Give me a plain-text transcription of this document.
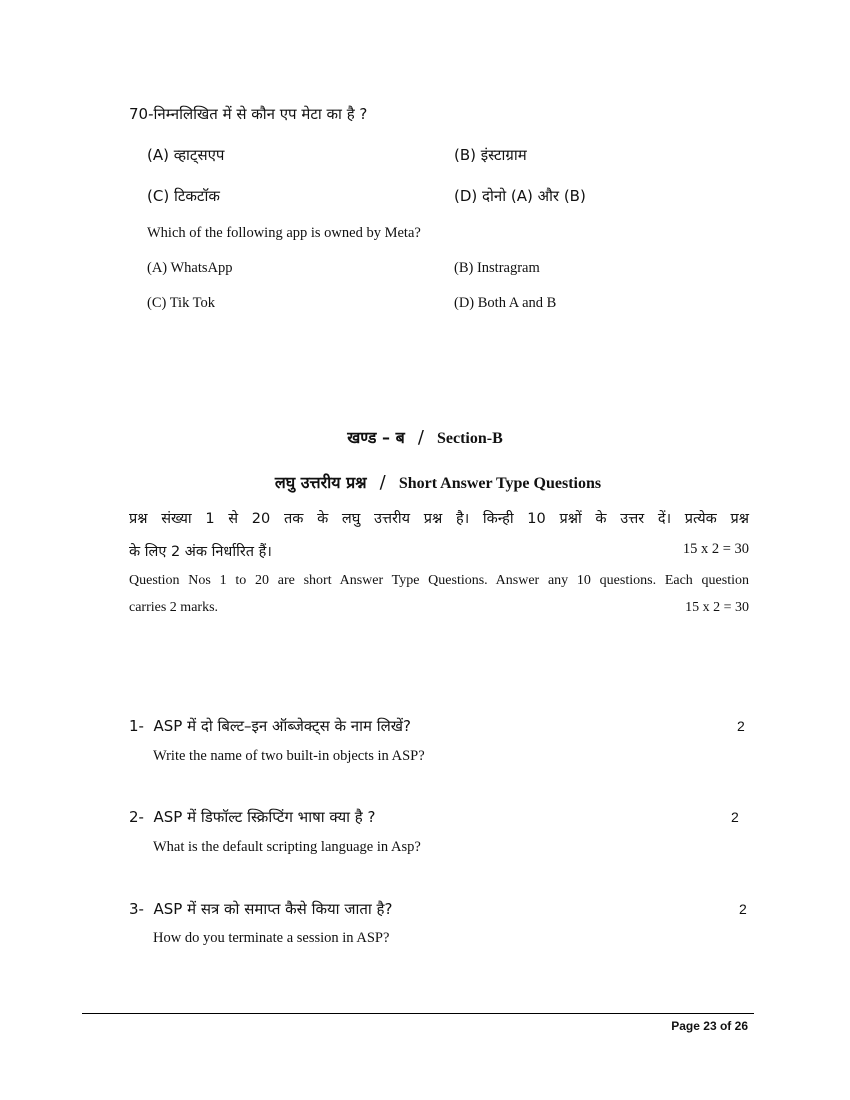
70-निम्नलिखित में से कौन एप मेटा का है ?
(A) व्हाट्सएप	(B) इंस्टाग्राम
(C) टिकटॉक	(D) दोनो (A) और (B)
Which of the following app is owned by Meta?
(A) WhatsApp	(B) Instragram
(C) Tik Tok	(D) Both A and B
खण्ड – ब / Section-B
लघु उत्तरीय प्रश्न / Short Answer Type Questions
प्रश्न संख्या 1 से 20 तक के लघु उत्तरीय प्रश्न है। किन्ही 10 प्रश्नों के उत्तर दें। प्रत्येक प्रश्न
के लिए 2 अंक निर्धारित हैं।	15 x 2 = 30
Question Nos 1 to 20 are short Answer Type Questions. Answer any 10 questions. Each question
carries 2 marks.	15 x 2 = 30
1- ASP में दो बिल्ट–इन ऑब्जेक्ट्स के नाम लिखें?	2
Write the name of two built-in objects in ASP?
2- ASP में डिफॉल्ट स्क्रिप्टिंग भाषा क्या है ?	2
What is the default scripting language in Asp?
3- ASP में सत्र को समाप्त कैसे किया जाता है?	2
How do you terminate a session in ASP?
Page 23 of 26
